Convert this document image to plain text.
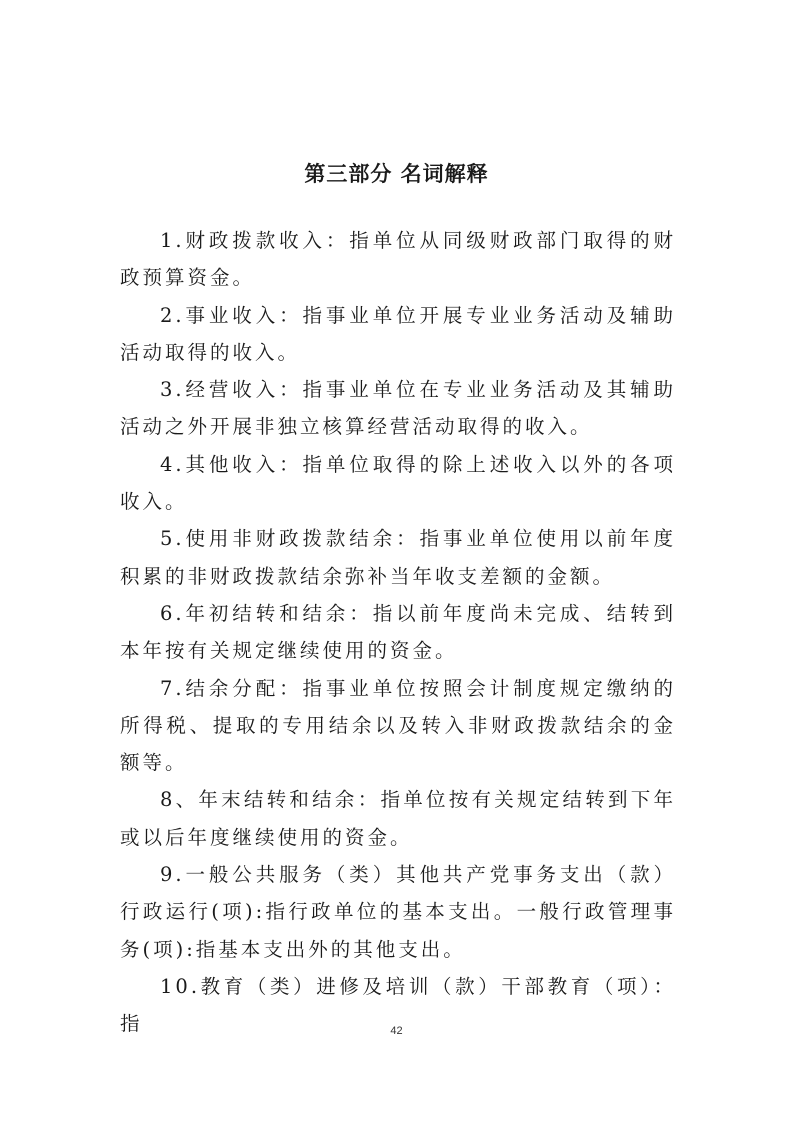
第三部分 名词解释

1.财政拨款收入：指单位从同级财政部门取得的财政预算资金。

2.事业收入：指事业单位开展专业业务活动及辅助活动取得的收入。

3.经营收入：指事业单位在专业业务活动及其辅助活动之外开展非独立核算经营活动取得的收入。

4.其他收入：指单位取得的除上述收入以外的各项收入。

5.使用非财政拨款结余：指事业单位使用以前年度积累的非财政拨款结余弥补当年收支差额的金额。

6.年初结转和结余：指以前年度尚未完成、结转到本年按有关规定继续使用的资金。

7.结余分配：指事业单位按照会计制度规定缴纳的所得税、提取的专用结余以及转入非财政拨款结余的金额等。

8、年末结转和结余：指单位按有关规定结转到下年或以后年度继续使用的资金。

9.一般公共服务（类）其他共产党事务支出（款）行政运行(项):指行政单位的基本支出。一般行政管理事务(项):指基本支出外的其他支出。

10.教育（类）进修及培训（款）干部教育（项）：指	42
